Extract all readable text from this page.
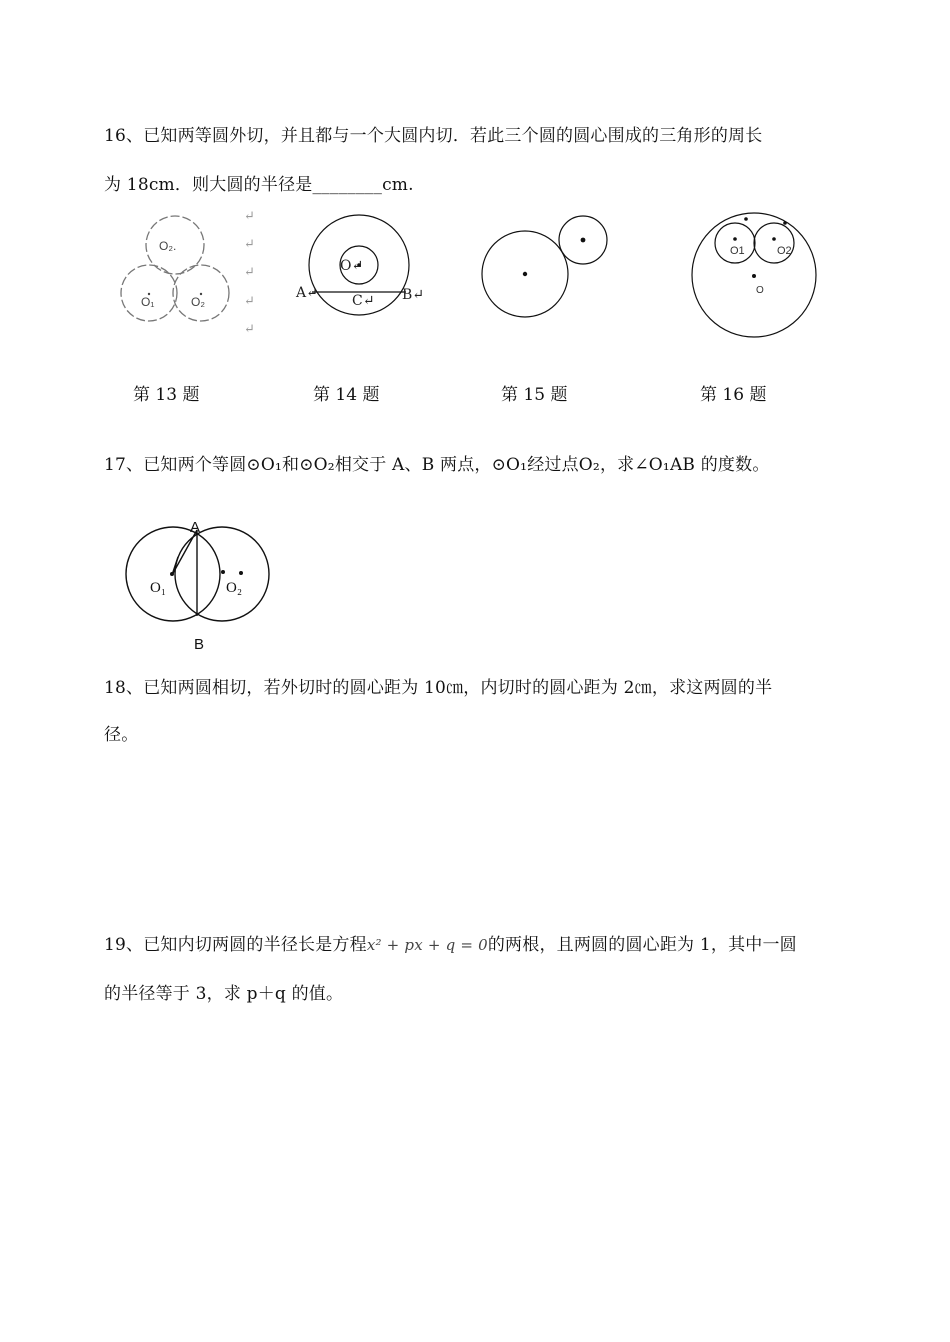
16、已知两等圆外切，并且都与一个大圆内切．若此三个圆的圆心围成的三角形的周长
为 18cm．则大圆的半径是________cm.
O₂.
O₁	O₂
↵
↵
↵
↵
↵
O↵
A↵ C↵ B↵
O1	O2
O
第 13 题	第 14 题	第 15 题	第 16 题
17、已知两个等圆⊙O₁和⊙O₂相交于 A、B 两点，⊙O₁经过点O₂，求∠O₁AB 的度数。
A
O₁	O₂
B
18、已知两圆相切，若外切时的圆心距为 10㎝，内切时的圆心距为 2㎝，求这两圆的半
径。
19、已知内切两圆的半径长是方程x² + px + q = 0的两根，且两圆的圆心距为 1，其中一圆
的半径等于 3，求 p＋q 的值。
